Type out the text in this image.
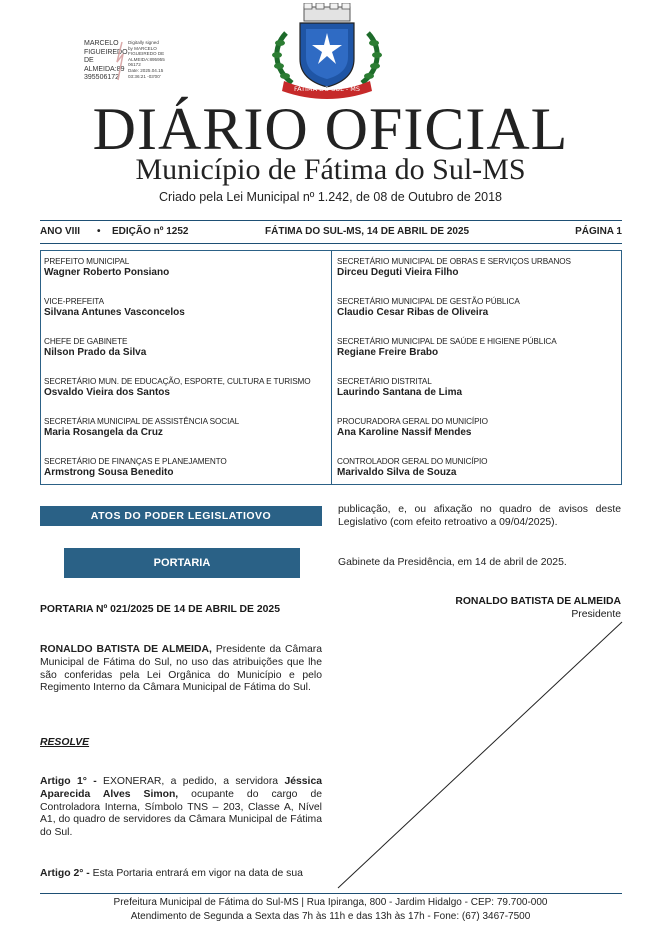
MARCELO
FIGUEIREDO
DE
ALMEIDA:89
395506172
Digitally signed
by MARCELO
FIGUEIREDO DE
ALMEIDA:895955
06172
Date: 2025.04.15
03:36:21 -03'00'
FÁTIMA DO SUL - MS
DIÁRIO OFICIAL
Município de Fátima do Sul-MS
Criado pela Lei Municipal nº 1.242, de 08 de Outubro de 2018
ANO VIII • EDIÇÃO nº 1252	FÁTIMA DO SUL-MS, 14 DE ABRIL DE 2025	PÁGINA 1
PREFEITO MUNICIPAL
Wagner Roberto Ponsiano
VICE-PREFEITA
Silvana Antunes Vasconcelos
CHEFE DE GABINETE
Nilson Prado da Silva
SECRETÁRIO MUN. DE EDUCAÇÃO, ESPORTE, CULTURA E TURISMO
Osvaldo Vieira dos Santos
SECRETÁRIA MUNICIPAL DE ASSISTÊNCIA SOCIAL
Maria Rosangela da Cruz
SECRETÁRIO DE FINANÇAS E PLANEJAMENTO
Armstrong Sousa Benedito
SECRETÁRIO MUNICIPAL DE OBRAS E SERVIÇOS URBANOS
Dirceu Deguti Vieira Filho
SECRETÁRIO MUNICIPAL DE GESTÃO PÚBLICA
Claudio Cesar Ribas de Oliveira
SECRETÁRIO MUNICIPAL DE SAÚDE E HIGIENE PÚBLICA
Regiane Freire Brabo
SECRETÁRIO DISTRITAL
Laurindo Santana de Lima
PROCURADORA GERAL DO MUNICÍPIO
Ana Karoline Nassif Mendes
CONTROLADOR GERAL DO MUNICÍPIO
Marivaldo Silva de Souza
ATOS DO PODER LEGISLATIOVO
PORTARIA
PORTARIA Nº 021/2025 DE 14 DE ABRIL DE 2025
RONALDO BATISTA DE ALMEIDA, Presidente da Câmara Municipal de Fátima do Sul, no uso das atribuições que lhe são conferidas pela Lei Orgânica do Município e pelo Regimento Interno da Câmara Municipal de Fátima do Sul.
RESOLVE
Artigo 1° - EXONERAR, a pedido, a servidora Jéssica Aparecida Alves Simon, ocupante do cargo de Controladora Interna, Símbolo TNS – 203, Classe A, Nível A1, do quadro de servidores da Câmara Municipal de Fátima do Sul.
Artigo 2° - Esta Portaria entrará em vigor na data de sua
publicação, e, ou afixação no quadro de avisos deste Legislativo (com efeito retroativo a 09/04/2025).
Gabinete da Presidência, em 14 de abril de 2025.
RONALDO BATISTA DE ALMEIDA
Presidente
Prefeitura Municipal de Fátima do Sul-MS | Rua Ipiranga, 800 - Jardim Hidalgo - CEP: 79.700-000
Atendimento de Segunda a Sexta das 7h às 11h e das 13h às 17h - Fone: (67) 3467-7500
